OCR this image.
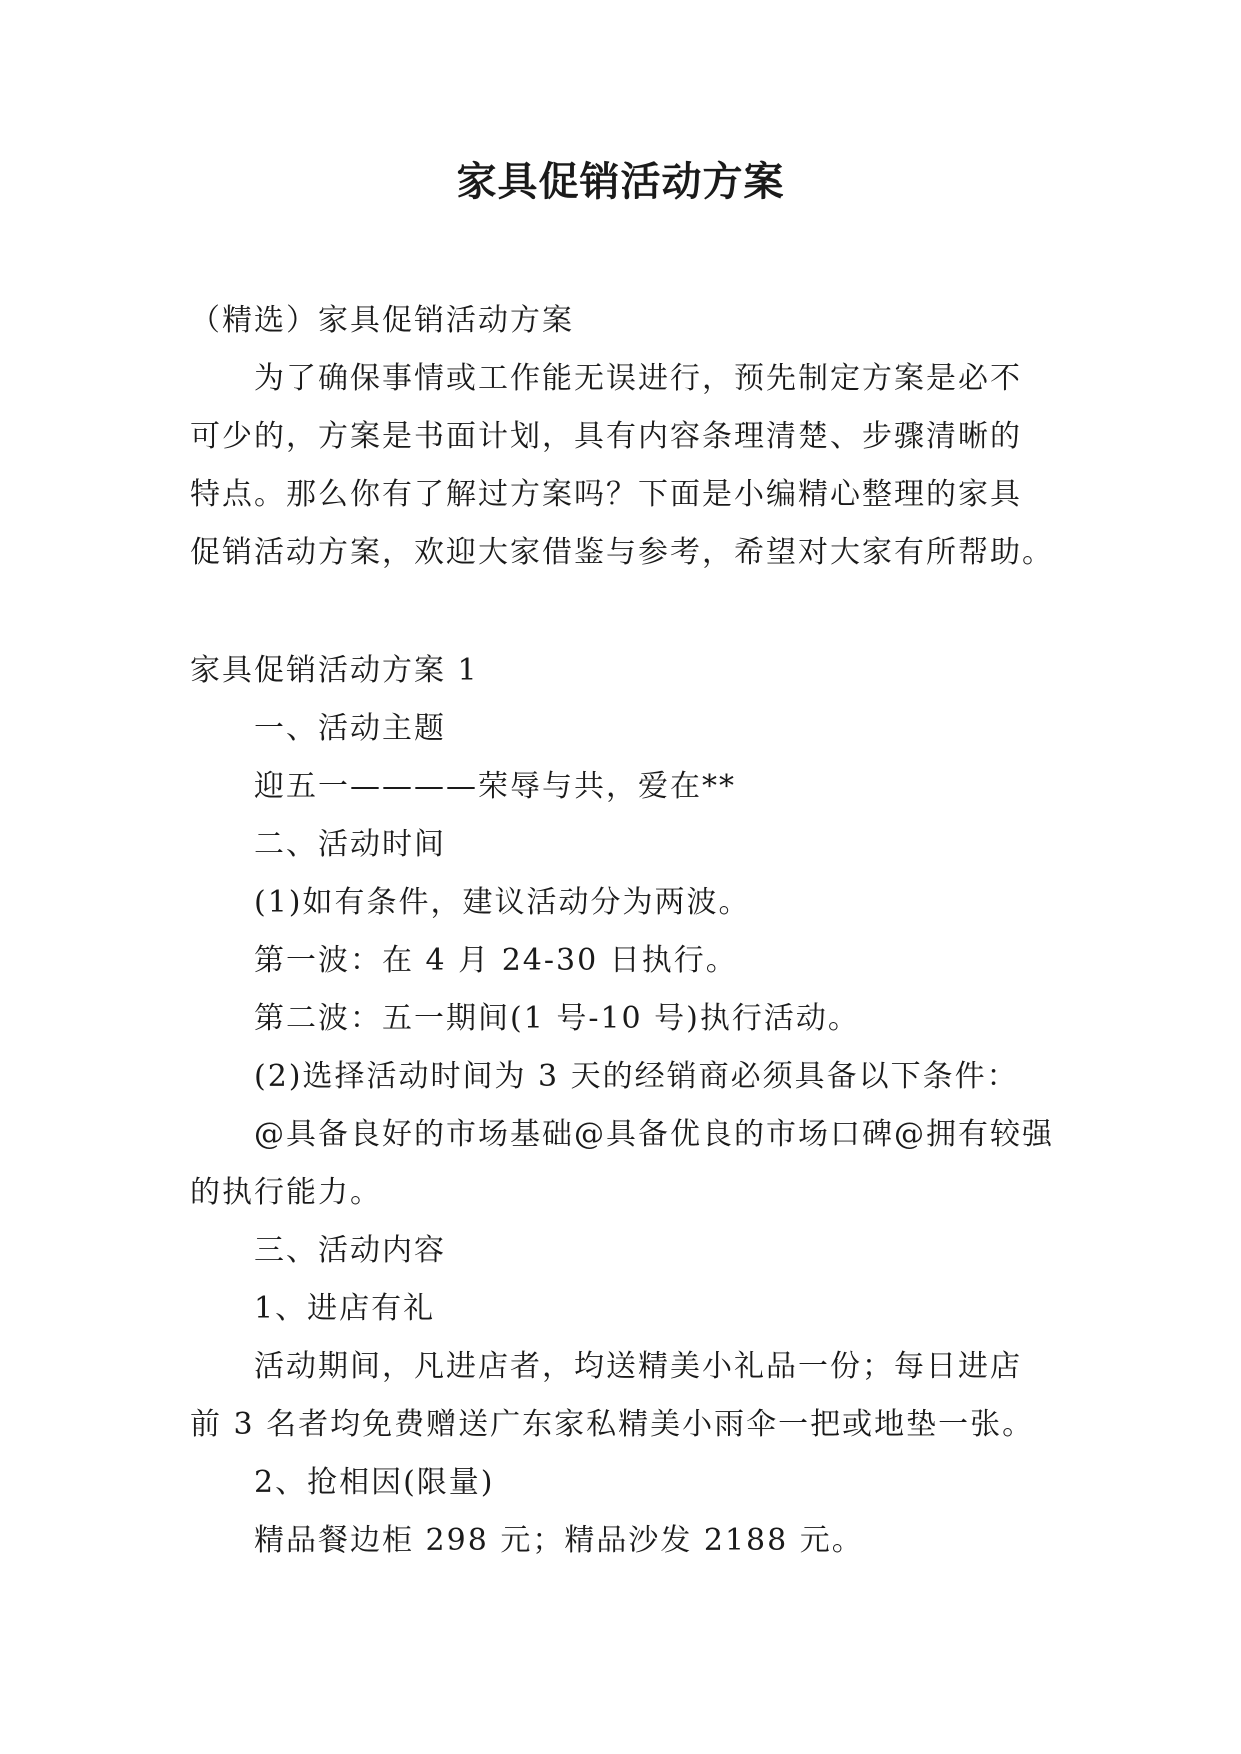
家具促销活动方案

（精选）家具促销活动方案

为了确保事情或工作能无误进行，预先制定方案是必不

可少的，方案是书面计划，具有内容条理清楚、步骤清晰的

特点。那么你有了解过方案吗？下面是小编精心整理的家具

促销活动方案，欢迎大家借鉴与参考，希望对大家有所帮助。

家具促销活动方案 1

一、活动主题

迎五一————荣辱与共，爱在**

二、活动时间

(1)如有条件，建议活动分为两波。

第一波：在 4 月 24-30 日执行。

第二波：五一期间(1 号-10 号)执行活动。

(2)选择活动时间为 3 天的经销商必须具备以下条件：

@具备良好的市场基础@具备优良的市场口碑@拥有较强

的执行能力。

三、活动内容

1、进店有礼

活动期间，凡进店者，均送精美小礼品一份；每日进店

前 3 名者均免费赠送广东家私精美小雨伞一把或地垫一张。

2、抢相因(限量)

精品餐边柜 298 元；精品沙发 2188 元。
